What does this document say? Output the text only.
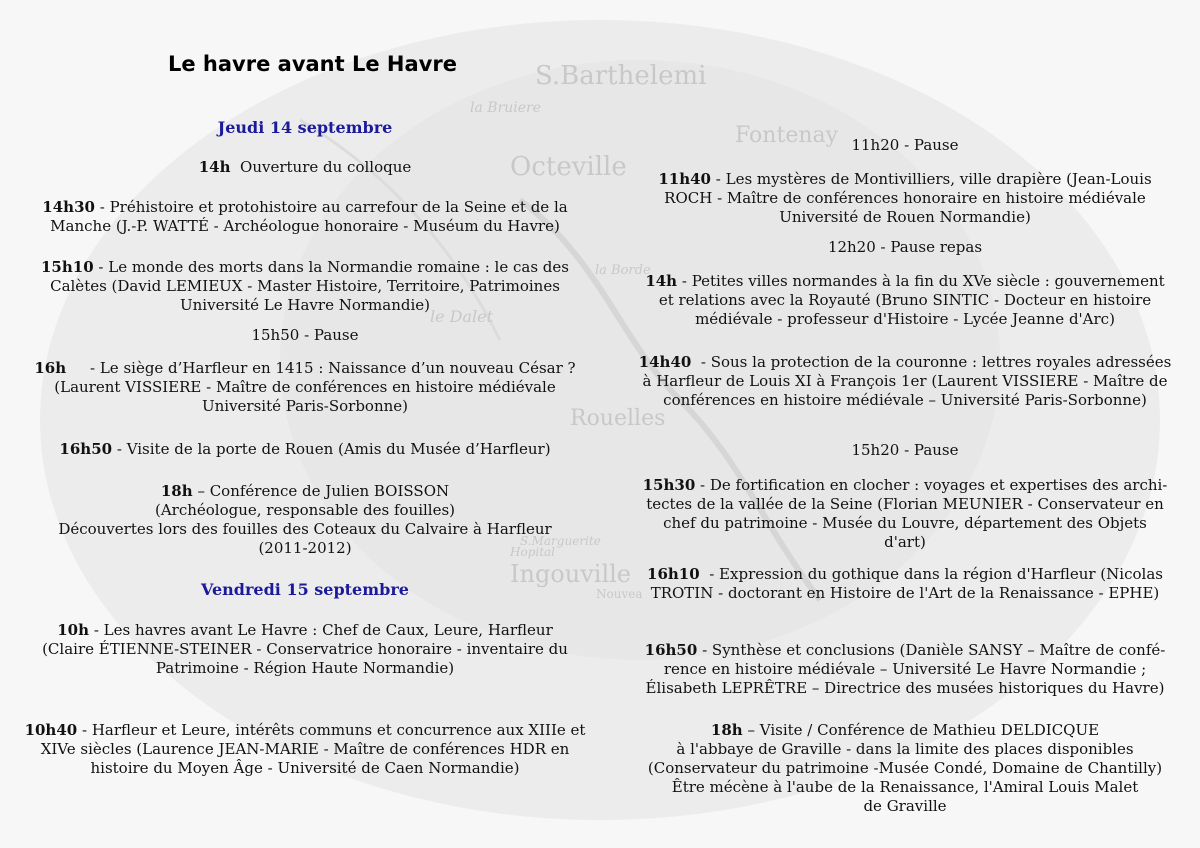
S.Barthelemi
la Bruiere
Fontenay
Octeville
Rouelles
Ingouville
le Dalet
la Borde
Nouvea
Hopital
S.Marguerite
Le havre avant Le Havre
Jeudi 14 septembre
14h Ouverture du colloque
14h30 - Préhistoire et protohistoire au carrefour de la Seine et de la
Manche (J.-P. WATTÉ - Archéologue honoraire - Muséum du Havre)
15h10 - Le monde des morts dans la Normandie romaine : le cas des
Calètes (David LEMIEUX - Master Histoire, Territoire, Patrimoines
Université Le Havre Normandie)
15h50 - Pause
16h - Le siège d’Harfleur en 1415 : Naissance d’un nouveau César ?
(Laurent VISSIERE - Maître de conférences en histoire médiévale
Université Paris-Sorbonne)
16h50 - Visite de la porte de Rouen (Amis du Musée d’Harfleur)
18h – Conférence de Julien BOISSON
(Archéologue, responsable des fouilles)
Découvertes lors des fouilles des Coteaux du Calvaire à Harfleur
(2011-2012)
Vendredi 15 septembre
10h - Les havres avant Le Havre : Chef de Caux, Leure, Harfleur
(Claire ÉTIENNE-STEINER - Conservatrice honoraire - inventaire du
Patrimoine - Région Haute Normandie)
10h40 - Harfleur et Leure, intérêts communs et concurrence aux XIIIe et
XIVe siècles (Laurence JEAN-MARIE - Maître de conférences HDR en
histoire du Moyen Âge - Université de Caen Normandie)
11h20 - Pause
11h40 - Les mystères de Montivilliers, ville drapière (Jean-Louis
ROCH - Maître de conférences honoraire en histoire médiévale
Université de Rouen Normandie)
12h20 - Pause repas
14h - Petites villes normandes à la fin du XVe siècle : gouvernement
et relations avec la Royauté (Bruno SINTIC - Docteur en histoire
médiévale - professeur d'Histoire - Lycée Jeanne d'Arc)
14h40 - Sous la protection de la couronne : lettres royales adressées
à Harfleur de Louis XI à François 1er (Laurent VISSIERE - Maître de
conférences en histoire médiévale – Université Paris-Sorbonne)
15h20 - Pause
15h30 - De fortification en clocher : voyages et expertises des archi-
tectes de la vallée de la Seine (Florian MEUNIER - Conservateur en
chef du patrimoine - Musée du Louvre, département des Objets
d'art)
16h10 - Expression du gothique dans la région d'Harfleur (Nicolas
TROTIN - doctorant en Histoire de l'Art de la Renaissance - EPHE)
16h50 - Synthèse et conclusions (Danièle SANSY – Maître de confé-
rence en histoire médiévale – Université Le Havre Normandie ;
Élisabeth LEPRÊTRE – Directrice des musées historiques du Havre)
18h – Visite / Conférence de Mathieu DELDICQUE
à l'abbaye de Graville - dans la limite des places disponibles
(Conservateur du patrimoine -Musée Condé, Domaine de Chantilly)
Être mécène à l'aube de la Renaissance, l'Amiral Louis Malet
de Graville
